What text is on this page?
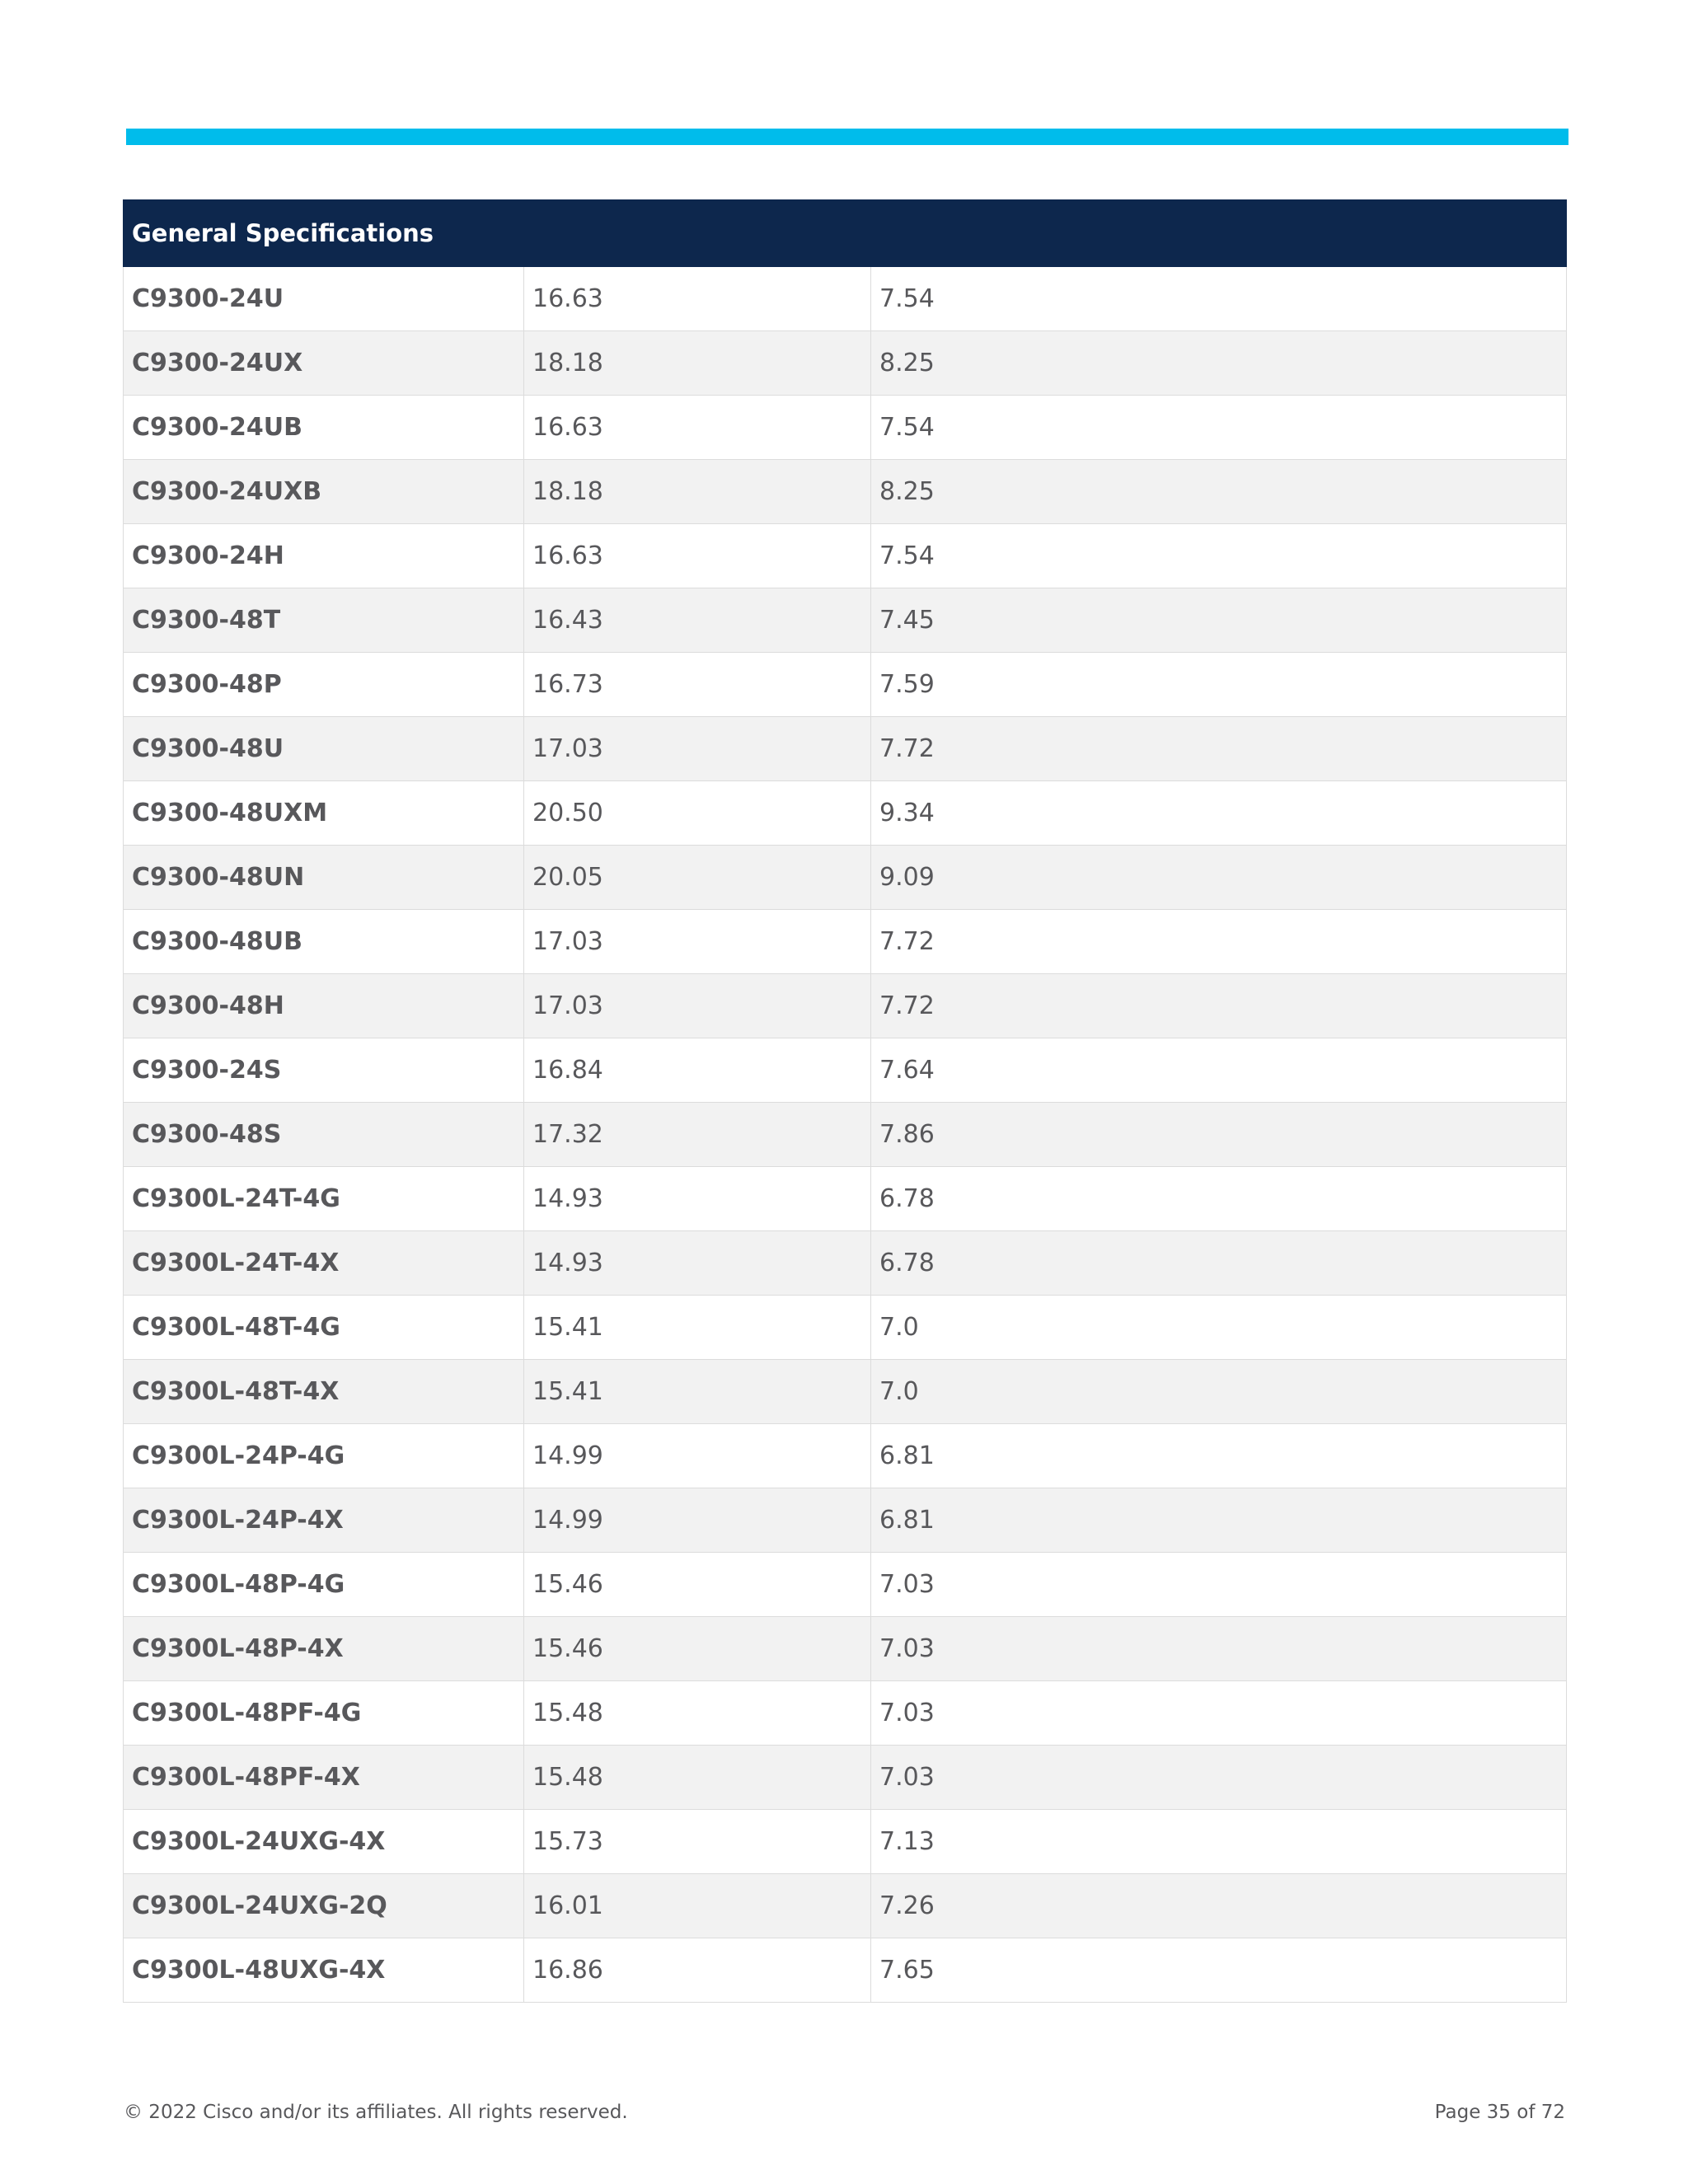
General Specifications		
C9300-24U	16.63	7.54
C9300-24UX	18.18	8.25
C9300-24UB	16.63	7.54
C9300-24UXB	18.18	8.25
C9300-24H	16.63	7.54
C9300-48T	16.43	7.45
C9300-48P	16.73	7.59
C9300-48U	17.03	7.72
C9300-48UXM	20.50	9.34
C9300-48UN	20.05	9.09
C9300-48UB	17.03	7.72
C9300-48H	17.03	7.72
C9300-24S	16.84	7.64
C9300-48S	17.32	7.86
C9300L-24T-4G	14.93	6.78
C9300L-24T-4X	14.93	6.78
C9300L-48T-4G	15.41	7.0
C9300L-48T-4X	15.41	7.0
C9300L-24P-4G	14.99	6.81
C9300L-24P-4X	14.99	6.81
C9300L-48P-4G	15.46	7.03
C9300L-48P-4X	15.46	7.03
C9300L-48PF-4G	15.48	7.03
C9300L-48PF-4X	15.48	7.03
C9300L-24UXG-4X	15.73	7.13
C9300L-24UXG-2Q	16.01	7.26
C9300L-48UXG-4X	16.86	7.65
© 2022 Cisco and/or its affiliates. All rights reserved.	Page 35 of 72
